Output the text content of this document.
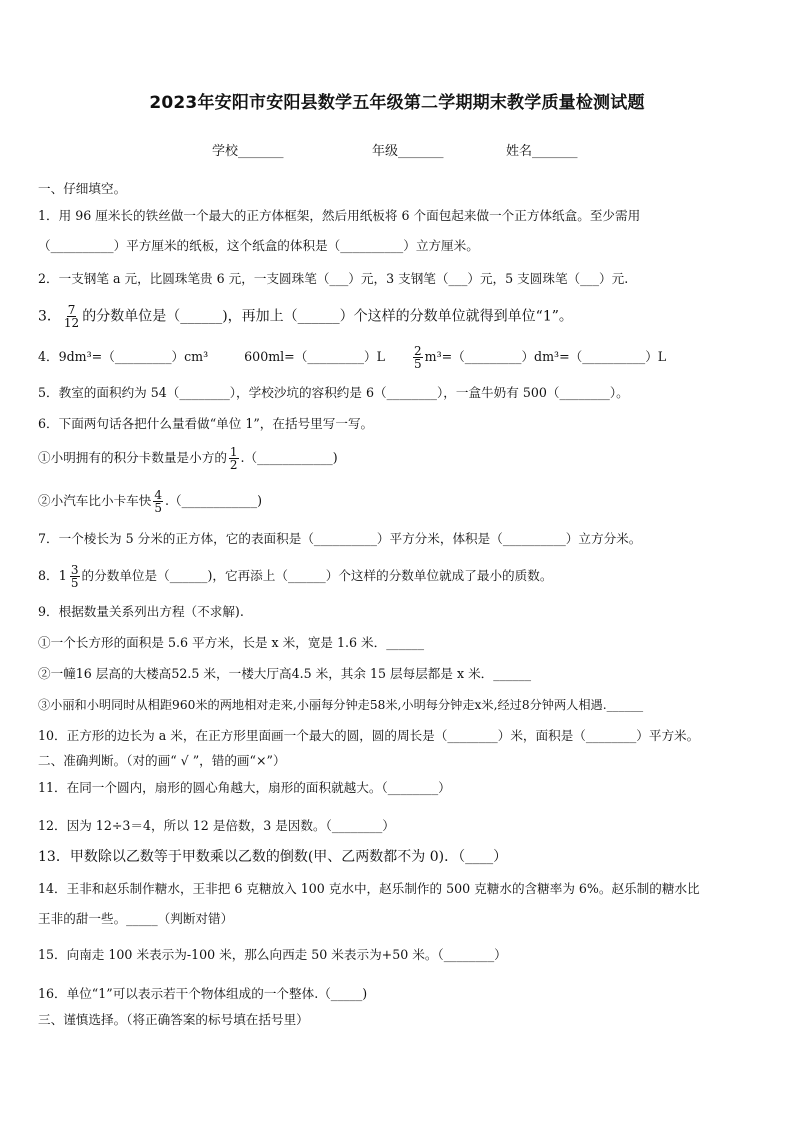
2023年安阳市安阳县数学五年级第二学期期末教学质量检测试题
学校_______	年级_______	姓名_______
一、仔细填空。
1．用 96 厘米长的铁丝做一个最大的正方体框架，然后用纸板将 6 个面包起来做一个正方体纸盒。至少需用
（__________）平方厘米的纸板，这个纸盒的体积是（__________）立方厘米。
2．一支钢笔 a 元，比圆珠笔贵 6 元，一支圆珠笔（___）元，3 支钢笔（___）元，5 支圆珠笔（___）元.
3． $\frac{7}{12}$ 的分数单位是（______)，再加上（______）个这样的分数单位就得到单位“1”。
4．9dm³=（_________）cm³	600ml=（_________）L $\frac{2}{5}$ m³=（_________）dm³=（__________）L
5．教室的面积约为 54（________），学校沙坑的容积约是 6（________），一盒牛奶有 500（________）。
6．下面两句话各把什么量看做“单位 1”，在括号里写一写。
①小明拥有的积分卡数量是小方的 $\frac{1}{2}$ .（____________)
②小汽车比小卡车快 $\frac{4}{5}$ .（____________)
7．一个棱长为 5 分米的正方体，它的表面积是（__________）平方分米，体积是（__________）立方分米。
8． $1 \frac{3}{5}$ 的分数单位是（______)，它再添上（______）个这样的分数单位就成了最小的质数。
9．根据数量关系列出方程（不求解).
①一个长方形的面积是 5.6 平方米，长是 x 米，宽是 1.6 米．______
②一幢16 层高的大楼高52.5 米，一楼大厅高4.5 米，其余 15 层每层都是 x 米．______
③小丽和小明同时从相距960米的两地相对走来,小丽每分钟走58米,小明每分钟走x米,经过8分钟两人相遇.______
10．正方形的边长为 a 米，在正方形里面画一个最大的圆，圆的周长是（________）米，面积是（________）平方米。
二、准确判断。（对的画“ √ ”，错的画“×”）
11．在同一个圆内，扇形的圆心角越大，扇形的面积就越大。（________）
12．因为 12÷3＝4，所以 12 是倍数，3 是因数。（________）
13．甲数除以乙数等于甲数乘以乙数的倒数(甲、乙两数都不为 0)．（____）
14．王非和赵乐制作糖水，王非把 6 克糖放入 100 克水中，赵乐制作的 500 克糖水的含糖率为 6%。赵乐制的糖水比
王非的甜一些。_____（判断对错）
15．向南走 100 米表示为-100 米，那么向西走 50 米表示为+50 米。（________）
16．单位“1”可以表示若干个物体组成的一个整体.（_____)
三、谨慎选择。（将正确答案的标号填在括号里）
